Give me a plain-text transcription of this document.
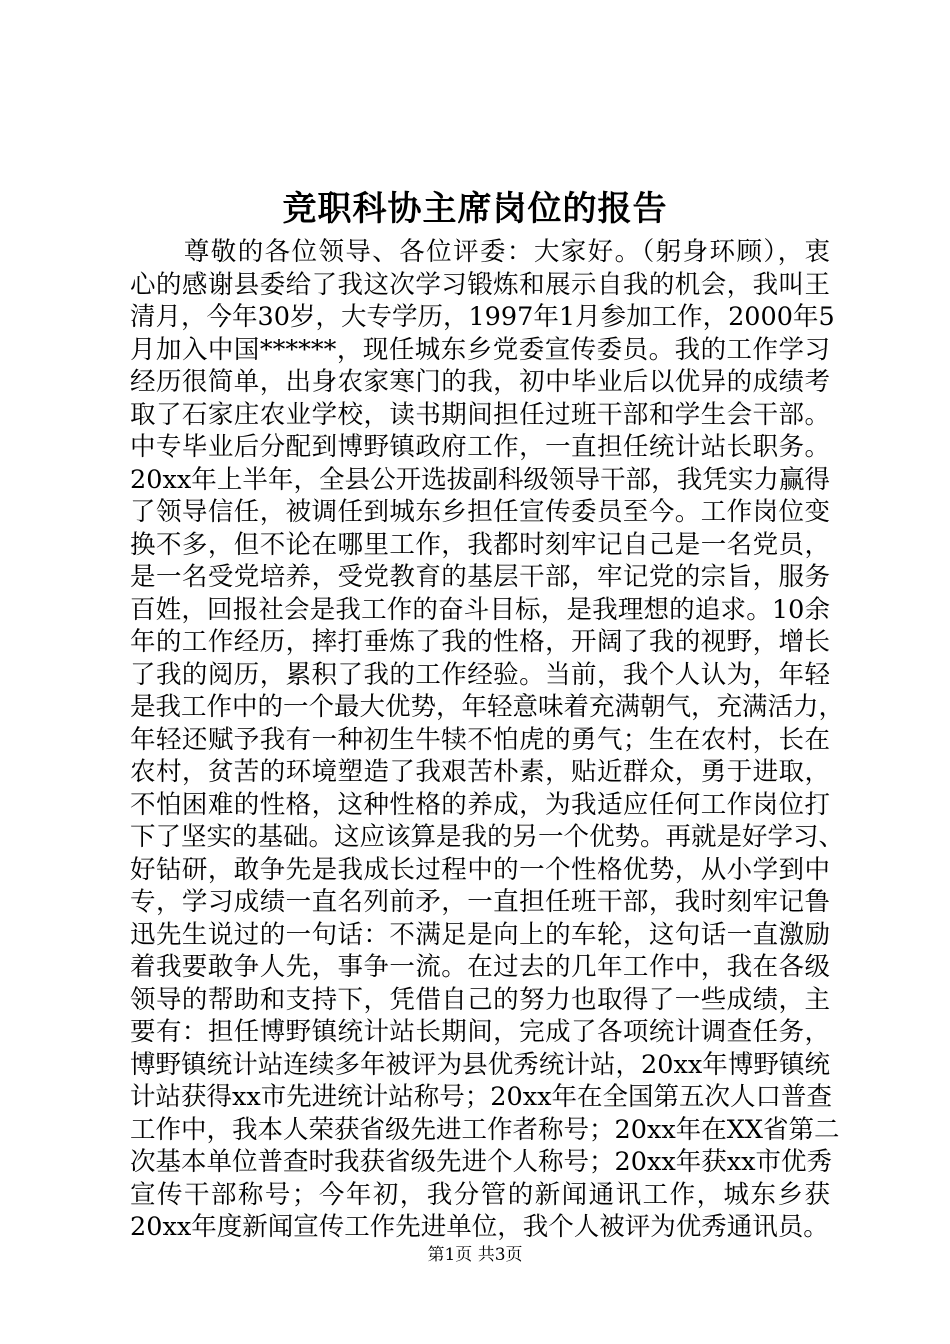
竞职科协主席岗位的报告
　　尊敬的各位领导、各位评委：大家好。（躬身环顾），衷
心的感谢县委给了我这次学习锻炼和展示自我的机会，我叫王
清月，今年30岁，大专学历，1997年1月参加工作，2000年5
月加入中国******，现任城东乡党委宣传委员。我的工作学习
经历很简单，出身农家寒门的我，初中毕业后以优异的成绩考
取了石家庄农业学校，读书期间担任过班干部和学生会干部。
中专毕业后分配到博野镇政府工作，一直担任统计站长职务。
20xx年上半年，全县公开选拔副科级领导干部，我凭实力赢得
了领导信任，被调任到城东乡担任宣传委员至今。工作岗位变
换不多，但不论在哪里工作，我都时刻牢记自己是一名党员，
是一名受党培养，受党教育的基层干部，牢记党的宗旨，服务
百姓，回报社会是我工作的奋斗目标，是我理想的追求。10余
年的工作经历，摔打垂炼了我的性格，开阔了我的视野，增长
了我的阅历，累积了我的工作经验。当前，我个人认为，年轻
是我工作中的一个最大优势，年轻意味着充满朝气，充满活力，
年轻还赋予我有一种初生牛犊不怕虎的勇气；生在农村，长在
农村，贫苦的环境塑造了我艰苦朴素，贴近群众，勇于进取，
不怕困难的性格，这种性格的养成，为我适应任何工作岗位打
下了坚实的基础。这应该算是我的另一个优势。再就是好学习、
好钻研，敢争先是我成长过程中的一个性格优势，从小学到中
专，学习成绩一直名列前矛，一直担任班干部，我时刻牢记鲁
迅先生说过的一句话：不满足是向上的车轮，这句话一直激励
着我要敢争人先，事争一流。在过去的几年工作中，我在各级
领导的帮助和支持下，凭借自己的努力也取得了一些成绩，主
要有：担任博野镇统计站长期间，完成了各项统计调查任务，
博野镇统计站连续多年被评为县优秀统计站，20xx年博野镇统
计站获得xx市先进统计站称号；20xx年在全国第五次人口普查
工作中，我本人荣获省级先进工作者称号；20xx年在XX省第二
次基本单位普查时我获省级先进个人称号；20xx年获xx市优秀
宣传干部称号；今年初，我分管的新闻通讯工作，城东乡获
20xx年度新闻宣传工作先进单位，我个人被评为优秀通讯员。
第1页 共3页
